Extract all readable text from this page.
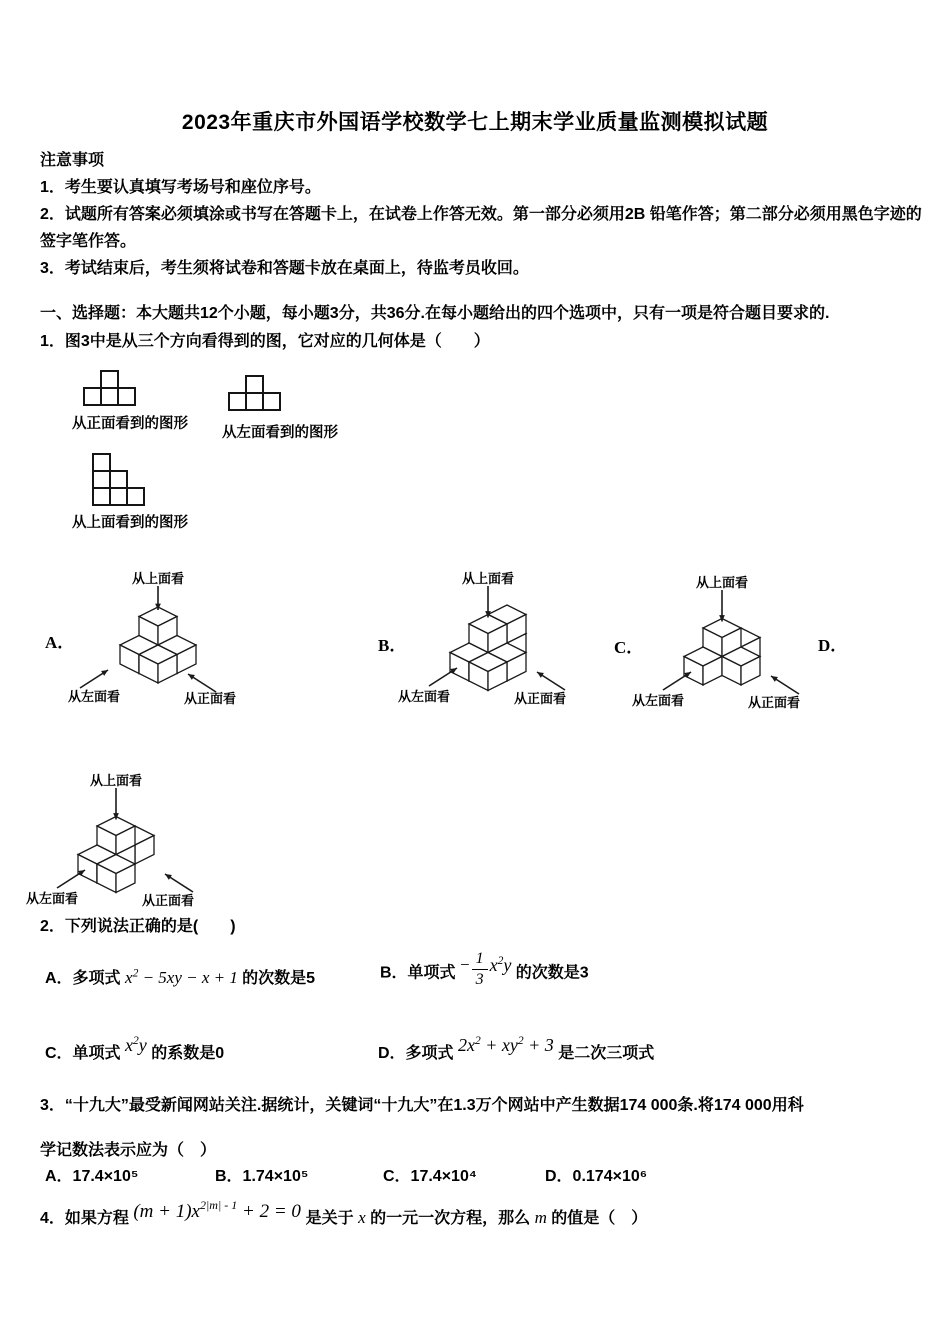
2023年重庆市外国语学校数学七上期末学业质量监测模拟试题
注意事项
1．考生要认真填写考场号和座位序号。
2．试题所有答案必须填涂或书写在答题卡上，在试卷上作答无效。第一部分必须用2B 铅笔作答；第二部分必须用黑色字迹的签字笔作答。
3．考试结束后，考生须将试卷和答题卡放在桌面上，待监考员收回。
一、选择题：本大题共12个小题，每小题3分，共36分.在每小题给出的四个选项中，只有一项是符合题目要求的.
1．图3中是从三个方向看得到的图，它对应的几何体是（　　）
从正面看到的图形
从左面看到的图形
从上面看到的图形
A．	B．	C．	D．
从上面看
从左面看	从正面看
从上面看
从左面看	从正面看
从上面看
从左面看	从正面看
从上面看
从左面看	从正面看
2．下列说法正确的是(　　)
A．多项式 $x^2 - 5xy - x + 1$ 的次数是5	B．单项式 − $\frac{1}{3} x^2y$ 的次数是3
C．单项式 $x^2y$ 的系数是0	D．多项式 $2x^2 + xy^2 + 3$ 是二次三项式
3．“十九大”最受新闻网站关注.据统计，关键词“十九大”在1.3万个网站中产生数据174 000条.将174 000用科
学记数法表示应为（　）
A．17.4×10⁵	B．1.74×10⁵	C．17.4×10⁴	D．0.174×10⁶
4．如果方程 $(m + 1)x^{2|m| - 1} + 2 = 0$ 是关于 x 的一元一次方程，那么 m 的值是（　）
